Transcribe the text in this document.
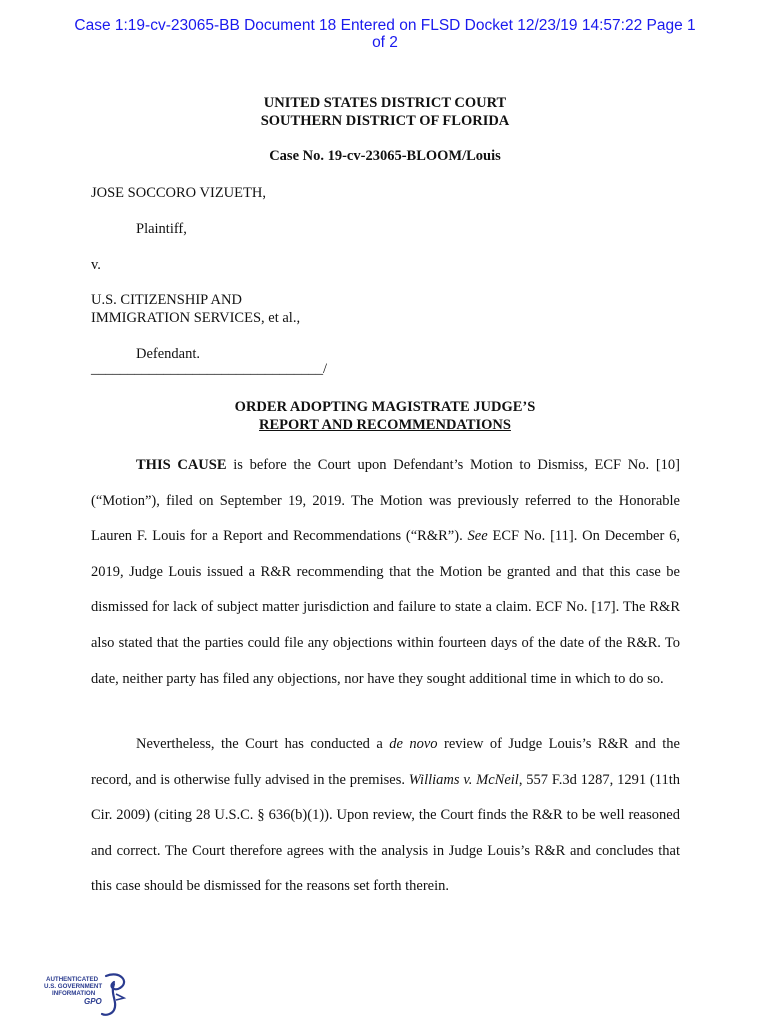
Case 1:19-cv-23065-BB Document 18 Entered on FLSD Docket 12/23/19 14:57:22 Page 1
of 2
UNITED STATES DISTRICT COURT
SOUTHERN DISTRICT OF FLORIDA
Case No. 19-cv-23065-BLOOM/Louis
JOSE SOCCORO VIZUETH,
Plaintiff,
v.
U.S. CITIZENSHIP AND
IMMIGRATION SERVICES, et al.,
Defendant.
________________________________/
ORDER ADOPTING MAGISTRATE JUDGE’S
REPORT AND RECOMMENDATIONS

THIS CAUSE is before the Court upon Defendant’s Motion to Dismiss, ECF No. [10] (“Motion”), filed on September 19, 2019. The Motion was previously referred to the Honorable Lauren F. Louis for a Report and Recommendations (“R&R”). See ECF No. [11]. On December 6, 2019, Judge Louis issued a R&R recommending that the Motion be granted and that this case be dismissed for lack of subject matter jurisdiction and failure to state a claim. ECF No. [17]. The R&R also stated that the parties could file any objections within fourteen days of the date of the R&R. To date, neither party has filed any objections, nor have they sought additional time in which to do so.

Nevertheless, the Court has conducted a de novo review of Judge Louis’s R&R and the record, and is otherwise fully advised in the premises. Williams v. McNeil, 557 F.3d 1287, 1291 (11th Cir. 2009) (citing 28 U.S.C. § 636(b)(1)). Upon review, the Court finds the R&R to be well reasoned and correct. The Court therefore agrees with the analysis in Judge Louis’s R&R and concludes that this case should be dismissed for the reasons set forth therein.

AUTHENTICATED
U.S. GOVERNMENT
INFORMATION
GPO
